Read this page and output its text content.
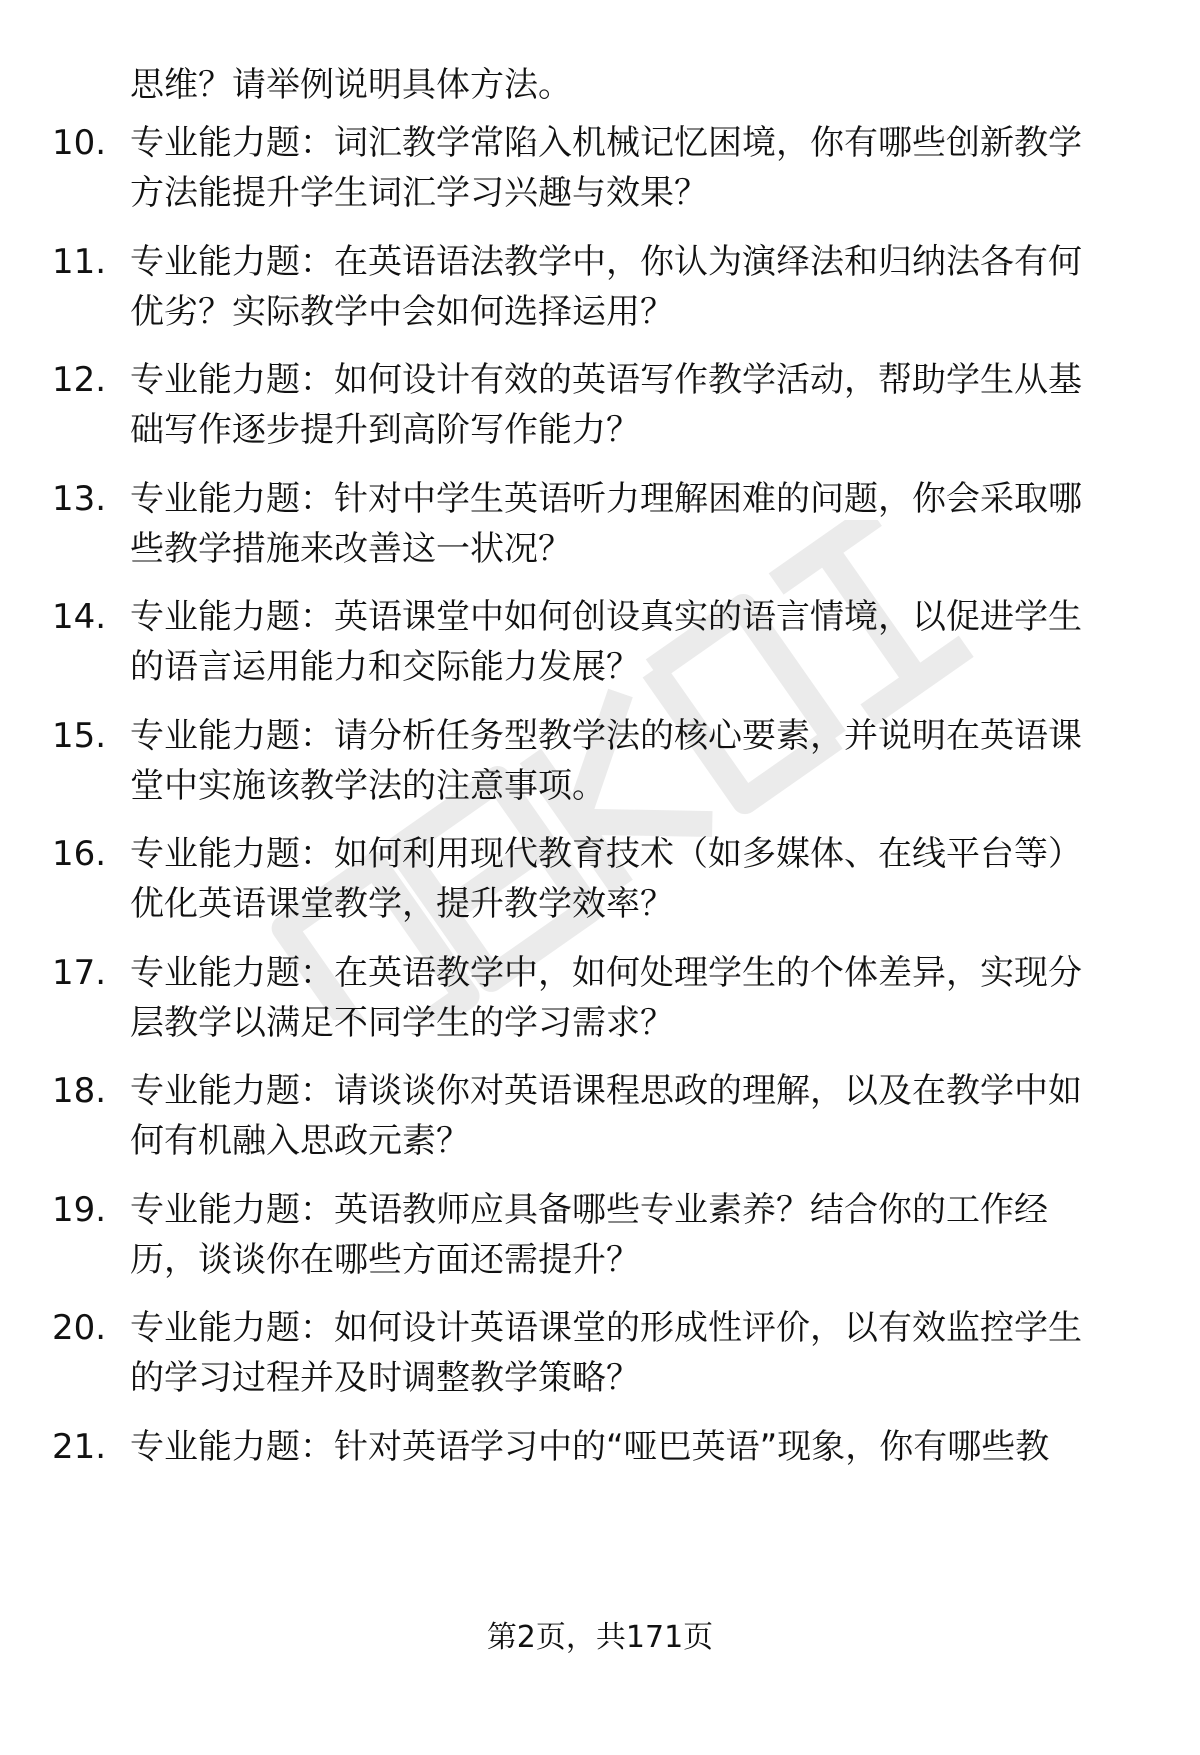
思维？请举例说明具体方法。
10. 专业能力题：词汇教学常陷入机械记忆困境，你有哪些创新教学
方法能提升学生词汇学习兴趣与效果？
11. 专业能力题：在英语语法教学中，你认为演绎法和归纳法各有何
优劣？实际教学中会如何选择运用？
12. 专业能力题：如何设计有效的英语写作教学活动，帮助学生从基
础写作逐步提升到高阶写作能力？
13. 专业能力题：针对中学生英语听力理解困难的问题，你会采取哪
些教学措施来改善这一状况？
14. 专业能力题：英语课堂中如何创设真实的语言情境，以促进学生
的语言运用能力和交际能力发展？
15. 专业能力题：请分析任务型教学法的核心要素，并说明在英语课
堂中实施该教学法的注意事项。
16. 专业能力题：如何利用现代教育技术（如多媒体、在线平台等）
优化英语课堂教学，提升教学效率？
17. 专业能力题：在英语教学中，如何处理学生的个体差异，实现分
层教学以满足不同学生的学习需求？
18. 专业能力题：请谈谈你对英语课程思政的理解，以及在教学中如
何有机融入思政元素？
19. 专业能力题：英语教师应具备哪些专业素养？结合你的工作经
历，谈谈你在哪些方面还需提升？
20. 专业能力题：如何设计英语课堂的形成性评价，以有效监控学生
的学习过程并及时调整教学策略？
21. 专业能力题：针对英语学习中的“哑巴英语”现象，你有哪些教
第2页，共171页
